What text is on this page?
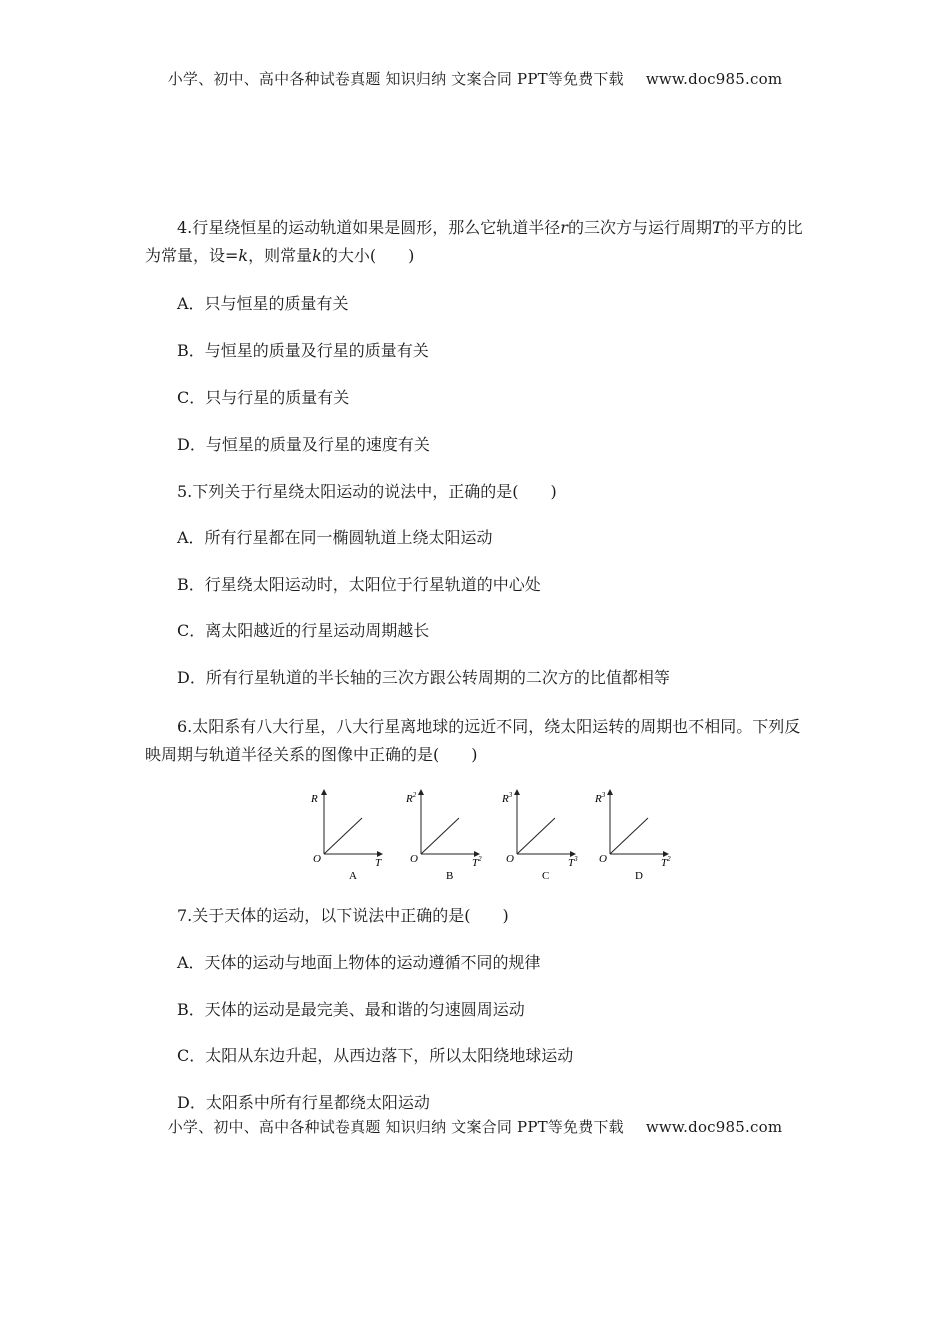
小学、初中、高中各种试卷真题 知识归纳 文案合同 PPT等免费下载 www.doc985.com

4.行星绕恒星的运动轨道如果是圆形，那么它轨道半径r的三次方与运行周期T的平方的比为常量，设=k，则常量k的大小(　　)

A．只与恒星的质量有关
B．与恒星的质量及行星的质量有关
C．只与行星的质量有关
D．与恒星的质量及行星的速度有关
5.下列关于行星绕太阳运动的说法中，正确的是(　　)
A．所有行星都在同一椭圆轨道上绕太阳运动
B．行星绕太阳运动时，太阳位于行星轨道的中心处
C．离太阳越近的行星运动周期越长
D．所有行星轨道的半长轴的三次方跟公转周期的二次方的比值都相等

6.太阳系有八大行星，八大行星离地球的远近不同，绕太阳运转的周期也不相同。下列反映周期与轨道半径关系的图像中正确的是(　　)

R
O	T
A
$R^2$
O	$T^2$
B
$R^3$
O	$T^3$
C
$R^3$
O	$T^2$
D
7.关于天体的运动，以下说法中正确的是(　　)
A．天体的运动与地面上物体的运动遵循不同的规律
B．天体的运动是最完美、最和谐的匀速圆周运动
C．太阳从东边升起，从西边落下，所以太阳绕地球运动
D．太阳系中所有行星都绕太阳运动
小学、初中、高中各种试卷真题 知识归纳 文案合同 PPT等免费下载 www.doc985.com
